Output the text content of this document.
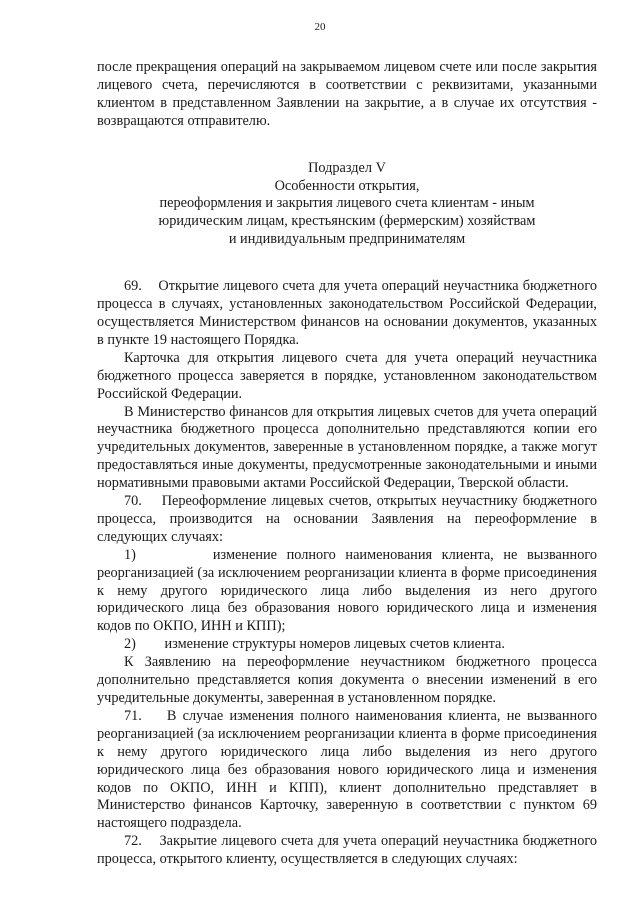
20

после прекращения операций на закрываемом лицевом счете или после закрытия лицевого счета, перечисляются в соответствии с реквизитами, указанными клиентом в представленном Заявлении на закрытие, а в случае их отсутствия - возвращаются отправителю.

Подраздел V
Особенности открытия,
переоформления и закрытия лицевого счета клиентам - иным
юридическим лицам, крестьянским (фермерским) хозяйствам
и индивидуальным предпринимателям

69.    Открытие лицевого счета для учета операций неучастника бюджетного процесса в случаях, установленных законодательством Российской Федерации, осуществляется Министерством финансов на основании документов, указанных в пункте 19 настоящего Порядка.

Карточка для открытия лицевого счета для учета операций неучастника бюджетного процесса заверяется в порядке, установленном законодательством Российской Федерации.

В Министерство финансов для открытия лицевых счетов для учета операций неучастника бюджетного процесса дополнительно представляются копии его учредительных документов, заверенные в установленном порядке, а также могут предоставляться иные документы, предусмотренные законодательными и иными нормативными правовыми актами Российской Федерации, Тверской области.

70.    Переоформление лицевых счетов, открытых неучастнику бюджетного процесса, производится на основании Заявления на переоформление в следующих случаях:

1)        изменение полного наименования клиента, не вызванного реорганизацией (за исключением реорганизации клиента в форме присоединения к нему другого юридического лица либо выделения из него другого юридического лица без образования нового юридического лица и изменения кодов по ОКПО, ИНН и КПП);

2)        изменение структуры номеров лицевых счетов клиента.

К Заявлению на переоформление неучастником бюджетного процесса дополнительно представляется копия документа о внесении изменений в его учредительные документы, заверенная в установленном порядке.

71.    В случае изменения полного наименования клиента, не вызванного реорганизацией (за исключением реорганизации клиента в форме присоединения к нему другого юридического лица либо выделения из него другого юридического лица без образования нового юридического лица и изменения кодов по ОКПО, ИНН и КПП), клиент дополнительно представляет в Министерство финансов Карточку, заверенную в соответствии с пунктом 69 настоящего подраздела.

72.    Закрытие лицевого счета для учета операций неучастника бюджетного процесса, открытого клиенту, осуществляется в следующих случаях:
